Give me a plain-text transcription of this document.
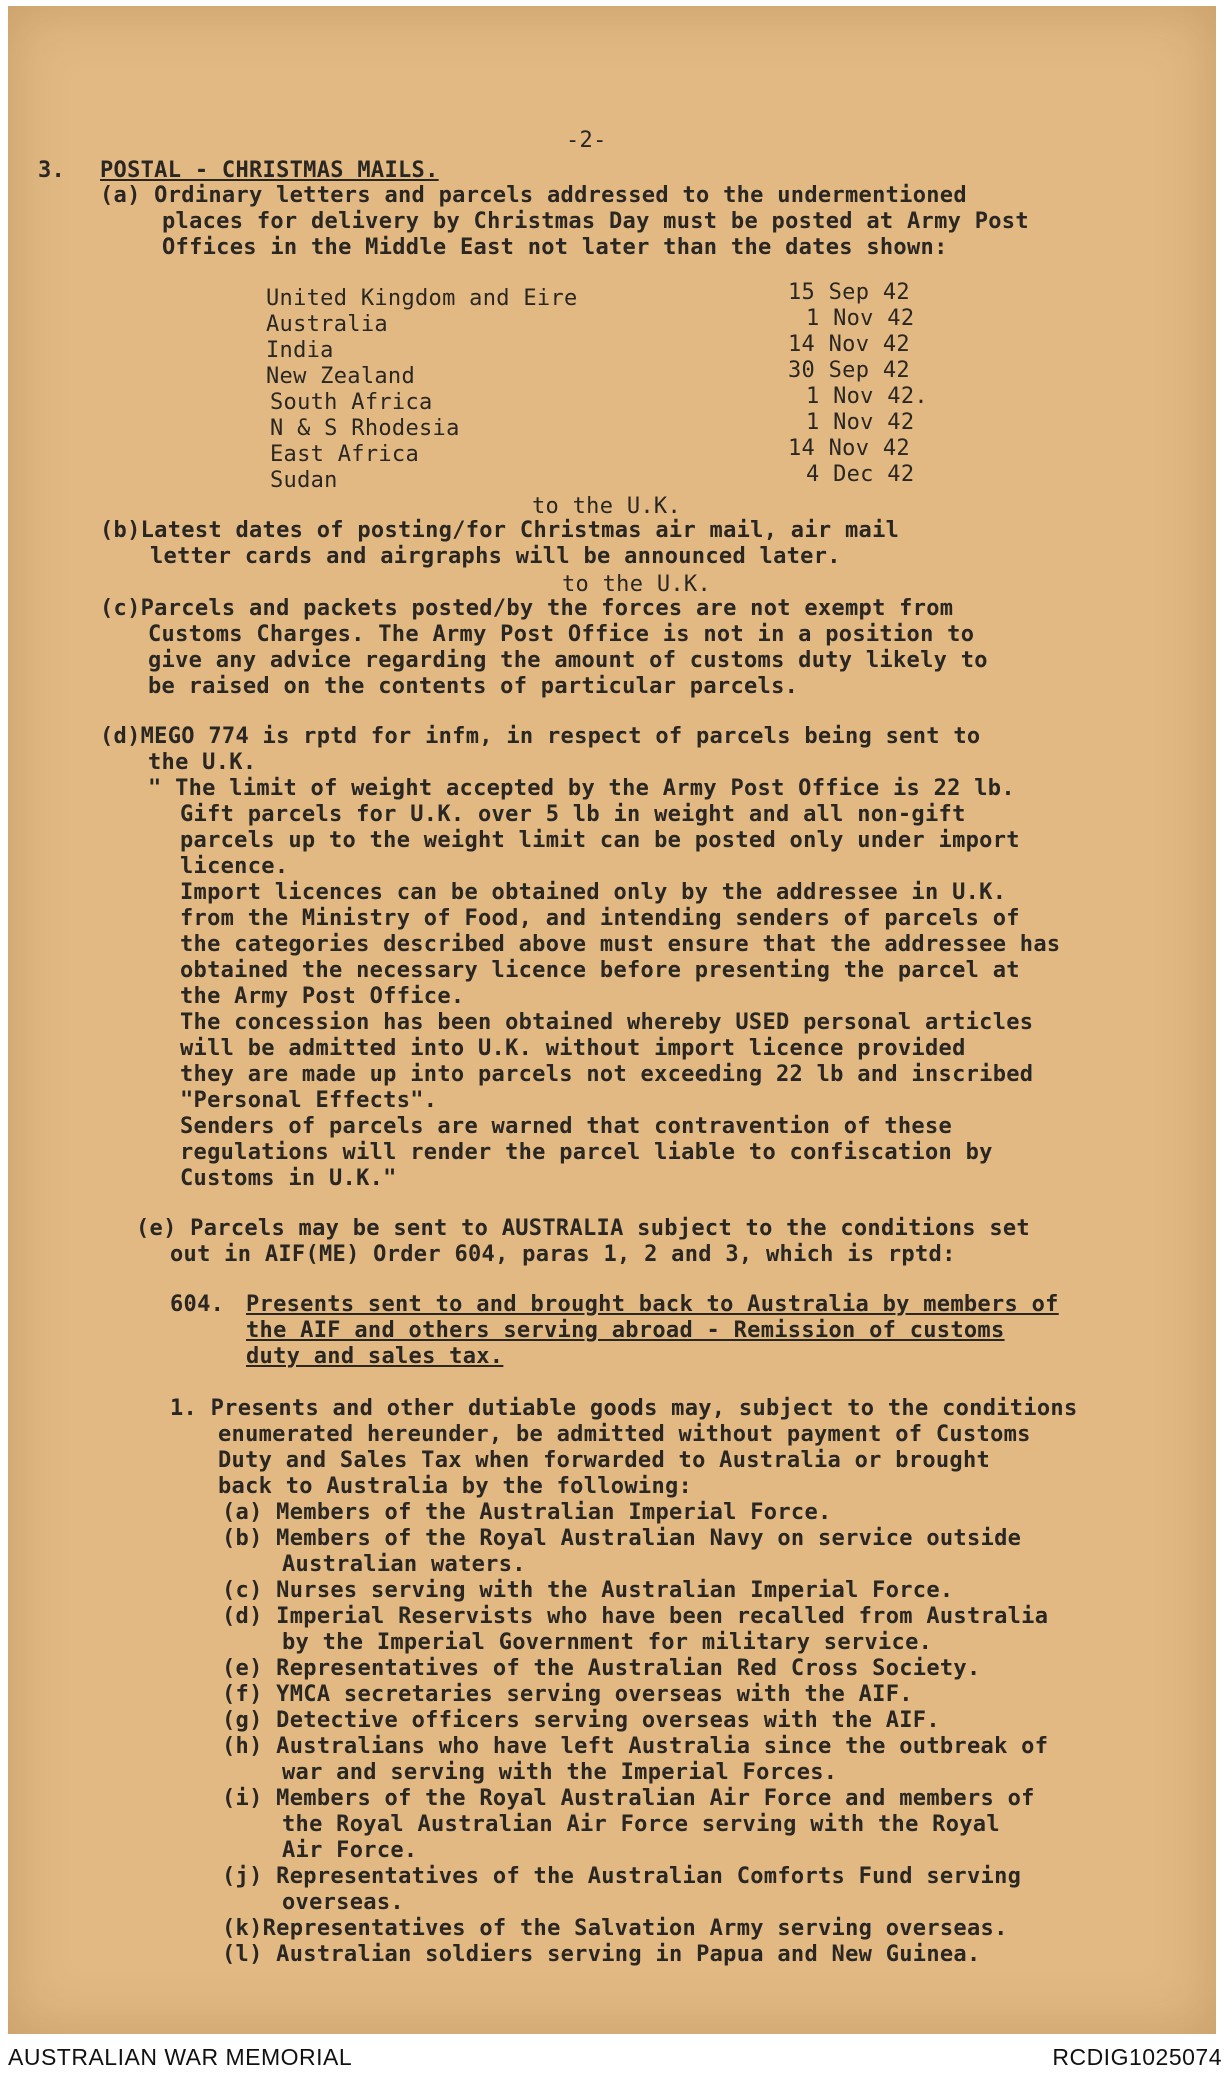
-2-
3. POSTAL - CHRISTMAS MAILS.
(a) Ordinary letters and parcels addressed to the undermentioned
places for delivery by Christmas Day must be posted at Army Post
Offices in the Middle East not later than the dates shown:
United Kingdom and Eire	15 Sep 42
Australia	1 Nov 42
India	14 Nov 42
New Zealand	30 Sep 42
South Africa	1 Nov 42.
N & S Rhodesia	1 Nov 42
East Africa	14 Nov 42
Sudan	4 Dec 42
to the U.K.
(b)Latest dates of posting/for Christmas air mail, air mail
letter cards and airgraphs will be announced later.
to the U.K.
(c)Parcels and packets posted/by the forces are not exempt from
Customs Charges. The Army Post Office is not in a position to
give any advice regarding the amount of customs duty likely to
be raised on the contents of particular parcels.
(d)MEGO 774 is rptd for infm, in respect of parcels being sent to
the U.K.
" The limit of weight accepted by the Army Post Office is 22 lb.
Gift parcels for U.K. over 5 lb in weight and all non-gift
parcels up to the weight limit can be posted only under import
licence.
Import licences can be obtained only by the addressee in U.K.
from the Ministry of Food, and intending senders of parcels of
the categories described above must ensure that the addressee has
obtained the necessary licence before presenting the parcel at
the Army Post Office.
The concession has been obtained whereby USED personal articles
will be admitted into U.K. without import licence provided
they are made up into parcels not exceeding 22 lb and inscribed
"Personal Effects".
Senders of parcels are warned that contravention of these
regulations will render the parcel liable to confiscation by
Customs in U.K."
(e) Parcels may be sent to AUSTRALIA subject to the conditions set
out in AIF(ME) Order 604, paras 1, 2 and 3, which is rptd:
604. Presents sent to and brought back to Australia by members of
the AIF and others serving abroad - Remission of customs
duty and sales tax.
1. Presents and other dutiable goods may, subject to the conditions
enumerated hereunder, be admitted without payment of Customs
Duty and Sales Tax when forwarded to Australia or brought
back to Australia by the following:
(a) Members of the Australian Imperial Force.
(b) Members of the Royal Australian Navy on service outside
Australian waters.
(c) Nurses serving with the Australian Imperial Force.
(d) Imperial Reservists who have been recalled from Australia
by the Imperial Government for military service.
(e) Representatives of the Australian Red Cross Society.
(f) YMCA secretaries serving overseas with the AIF.
(g) Detective officers serving overseas with the AIF.
(h) Australians who have left Australia since the outbreak of
war and serving with the Imperial Forces.
(i) Members of the Royal Australian Air Force and members of
the Royal Australian Air Force serving with the Royal
Air Force.
(j) Representatives of the Australian Comforts Fund serving
overseas.
(k)Representatives of the Salvation Army serving overseas.
(l) Australian soldiers serving in Papua and New Guinea.
AUSTRALIAN WAR MEMORIAL	RCDIG1025074
